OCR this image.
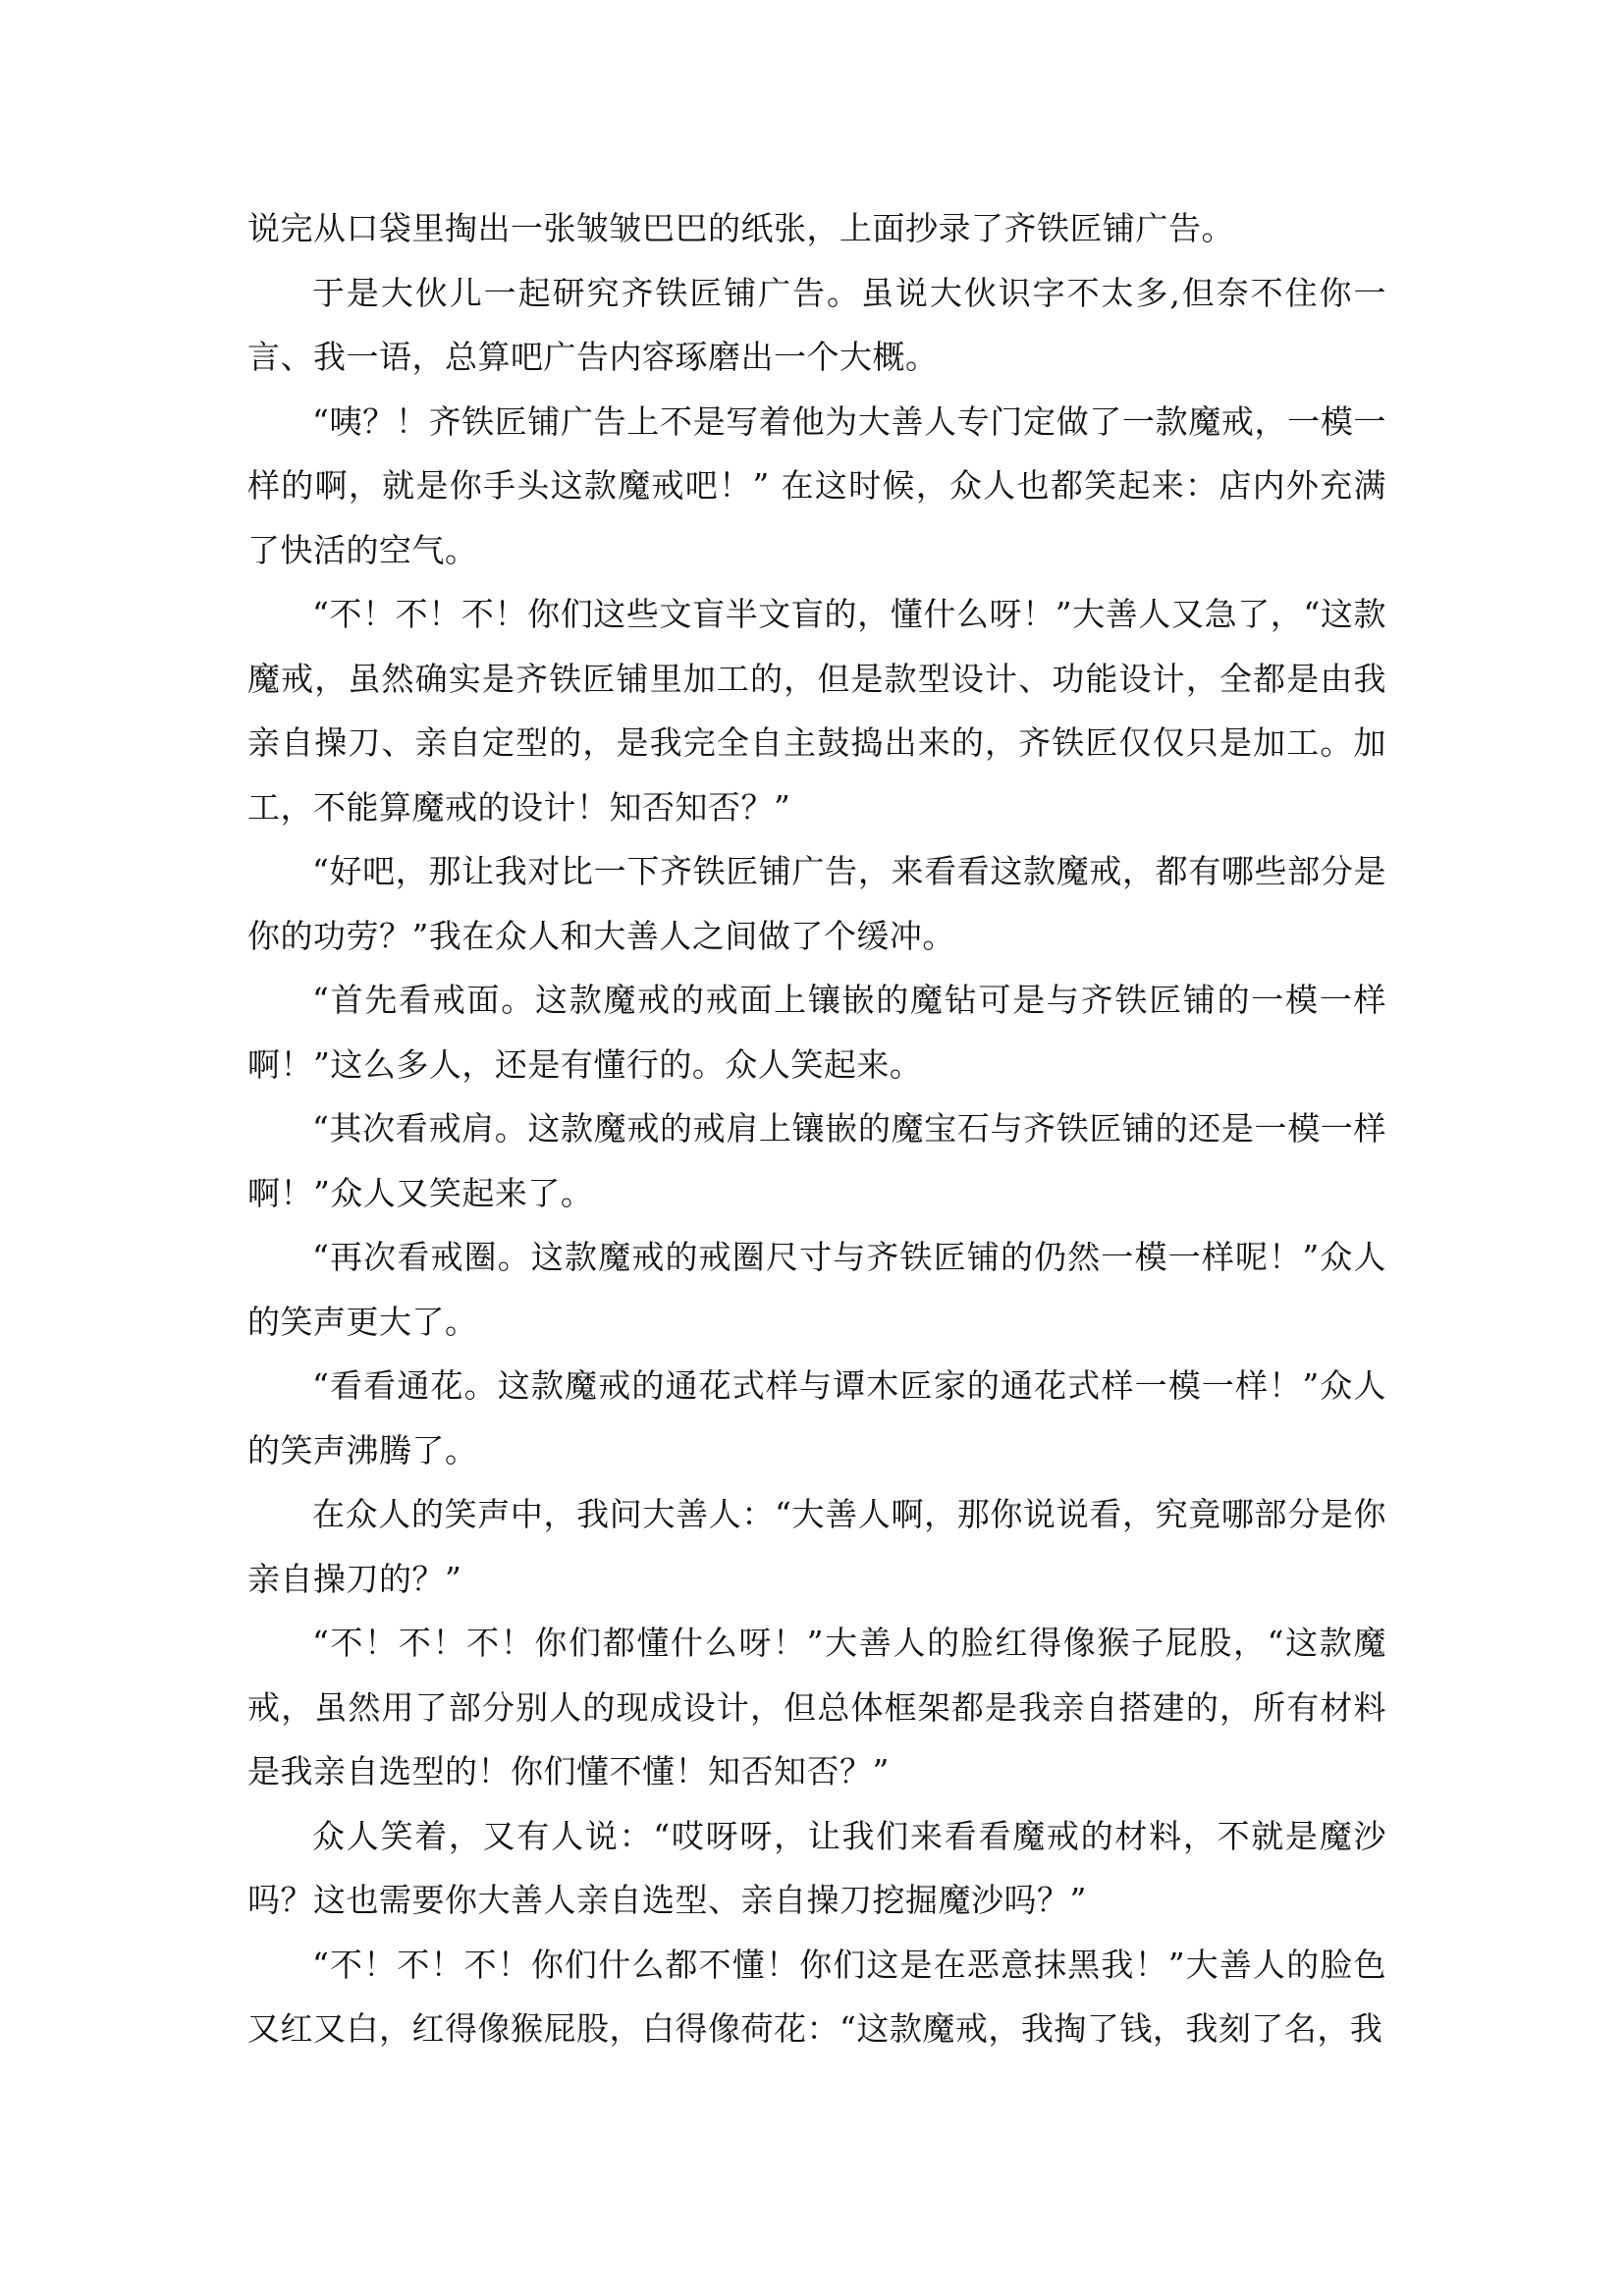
说完从口袋里掏出一张皱皱巴巴的纸张，上面抄录了齐铁匠铺广告。

于是大伙儿一起研究齐铁匠铺广告。虽说大伙识字不太多,但奈不住你一言、我一语，总算吧广告内容琢磨出一个大概。

“咦？！齐铁匠铺广告上不是写着他为大善人专门定做了一款魔戒，一模一样的啊，就是你手头这款魔戒吧！” 在这时候，众人也都笑起来：店内外充满了快活的空气。

“不！不！不！你们这些文盲半文盲的，懂什么呀！”大善人又急了，“这款魔戒，虽然确实是齐铁匠铺里加工的，但是款型设计、功能设计，全都是由我亲自操刀、亲自定型的，是我完全自主鼓捣出来的，齐铁匠仅仅只是加工。加工，不能算魔戒的设计！知否知否？”

“好吧，那让我对比一下齐铁匠铺广告，来看看这款魔戒，都有哪些部分是你的功劳？”我在众人和大善人之间做了个缓冲。

“首先看戒面。这款魔戒的戒面上镶嵌的魔钻可是与齐铁匠铺的一模一样啊！”这么多人，还是有懂行的。众人笑起来。

“其次看戒肩。这款魔戒的戒肩上镶嵌的魔宝石与齐铁匠铺的还是一模一样啊！”众人又笑起来了。

“再次看戒圈。这款魔戒的戒圈尺寸与齐铁匠铺的仍然一模一样呢！”众人的笑声更大了。

“看看通花。这款魔戒的通花式样与谭木匠家的通花式样一模一样！”众人的笑声沸腾了。

在众人的笑声中，我问大善人：“大善人啊，那你说说看，究竟哪部分是你亲自操刀的？”

“不！不！不！你们都懂什么呀！”大善人的脸红得像猴子屁股，“这款魔戒，虽然用了部分别人的现成设计，但总体框架都是我亲自搭建的，所有材料是我亲自选型的！你们懂不懂！知否知否？”

众人笑着，又有人说：“哎呀呀，让我们来看看魔戒的材料，不就是魔沙吗？这也需要你大善人亲自选型、亲自操刀挖掘魔沙吗？”

“不！不！不！你们什么都不懂！你们这是在恶意抹黑我！”大善人的脸色又红又白，红得像猴屁股，白得像荷花：“这款魔戒，我掏了钱，我刻了名，我
